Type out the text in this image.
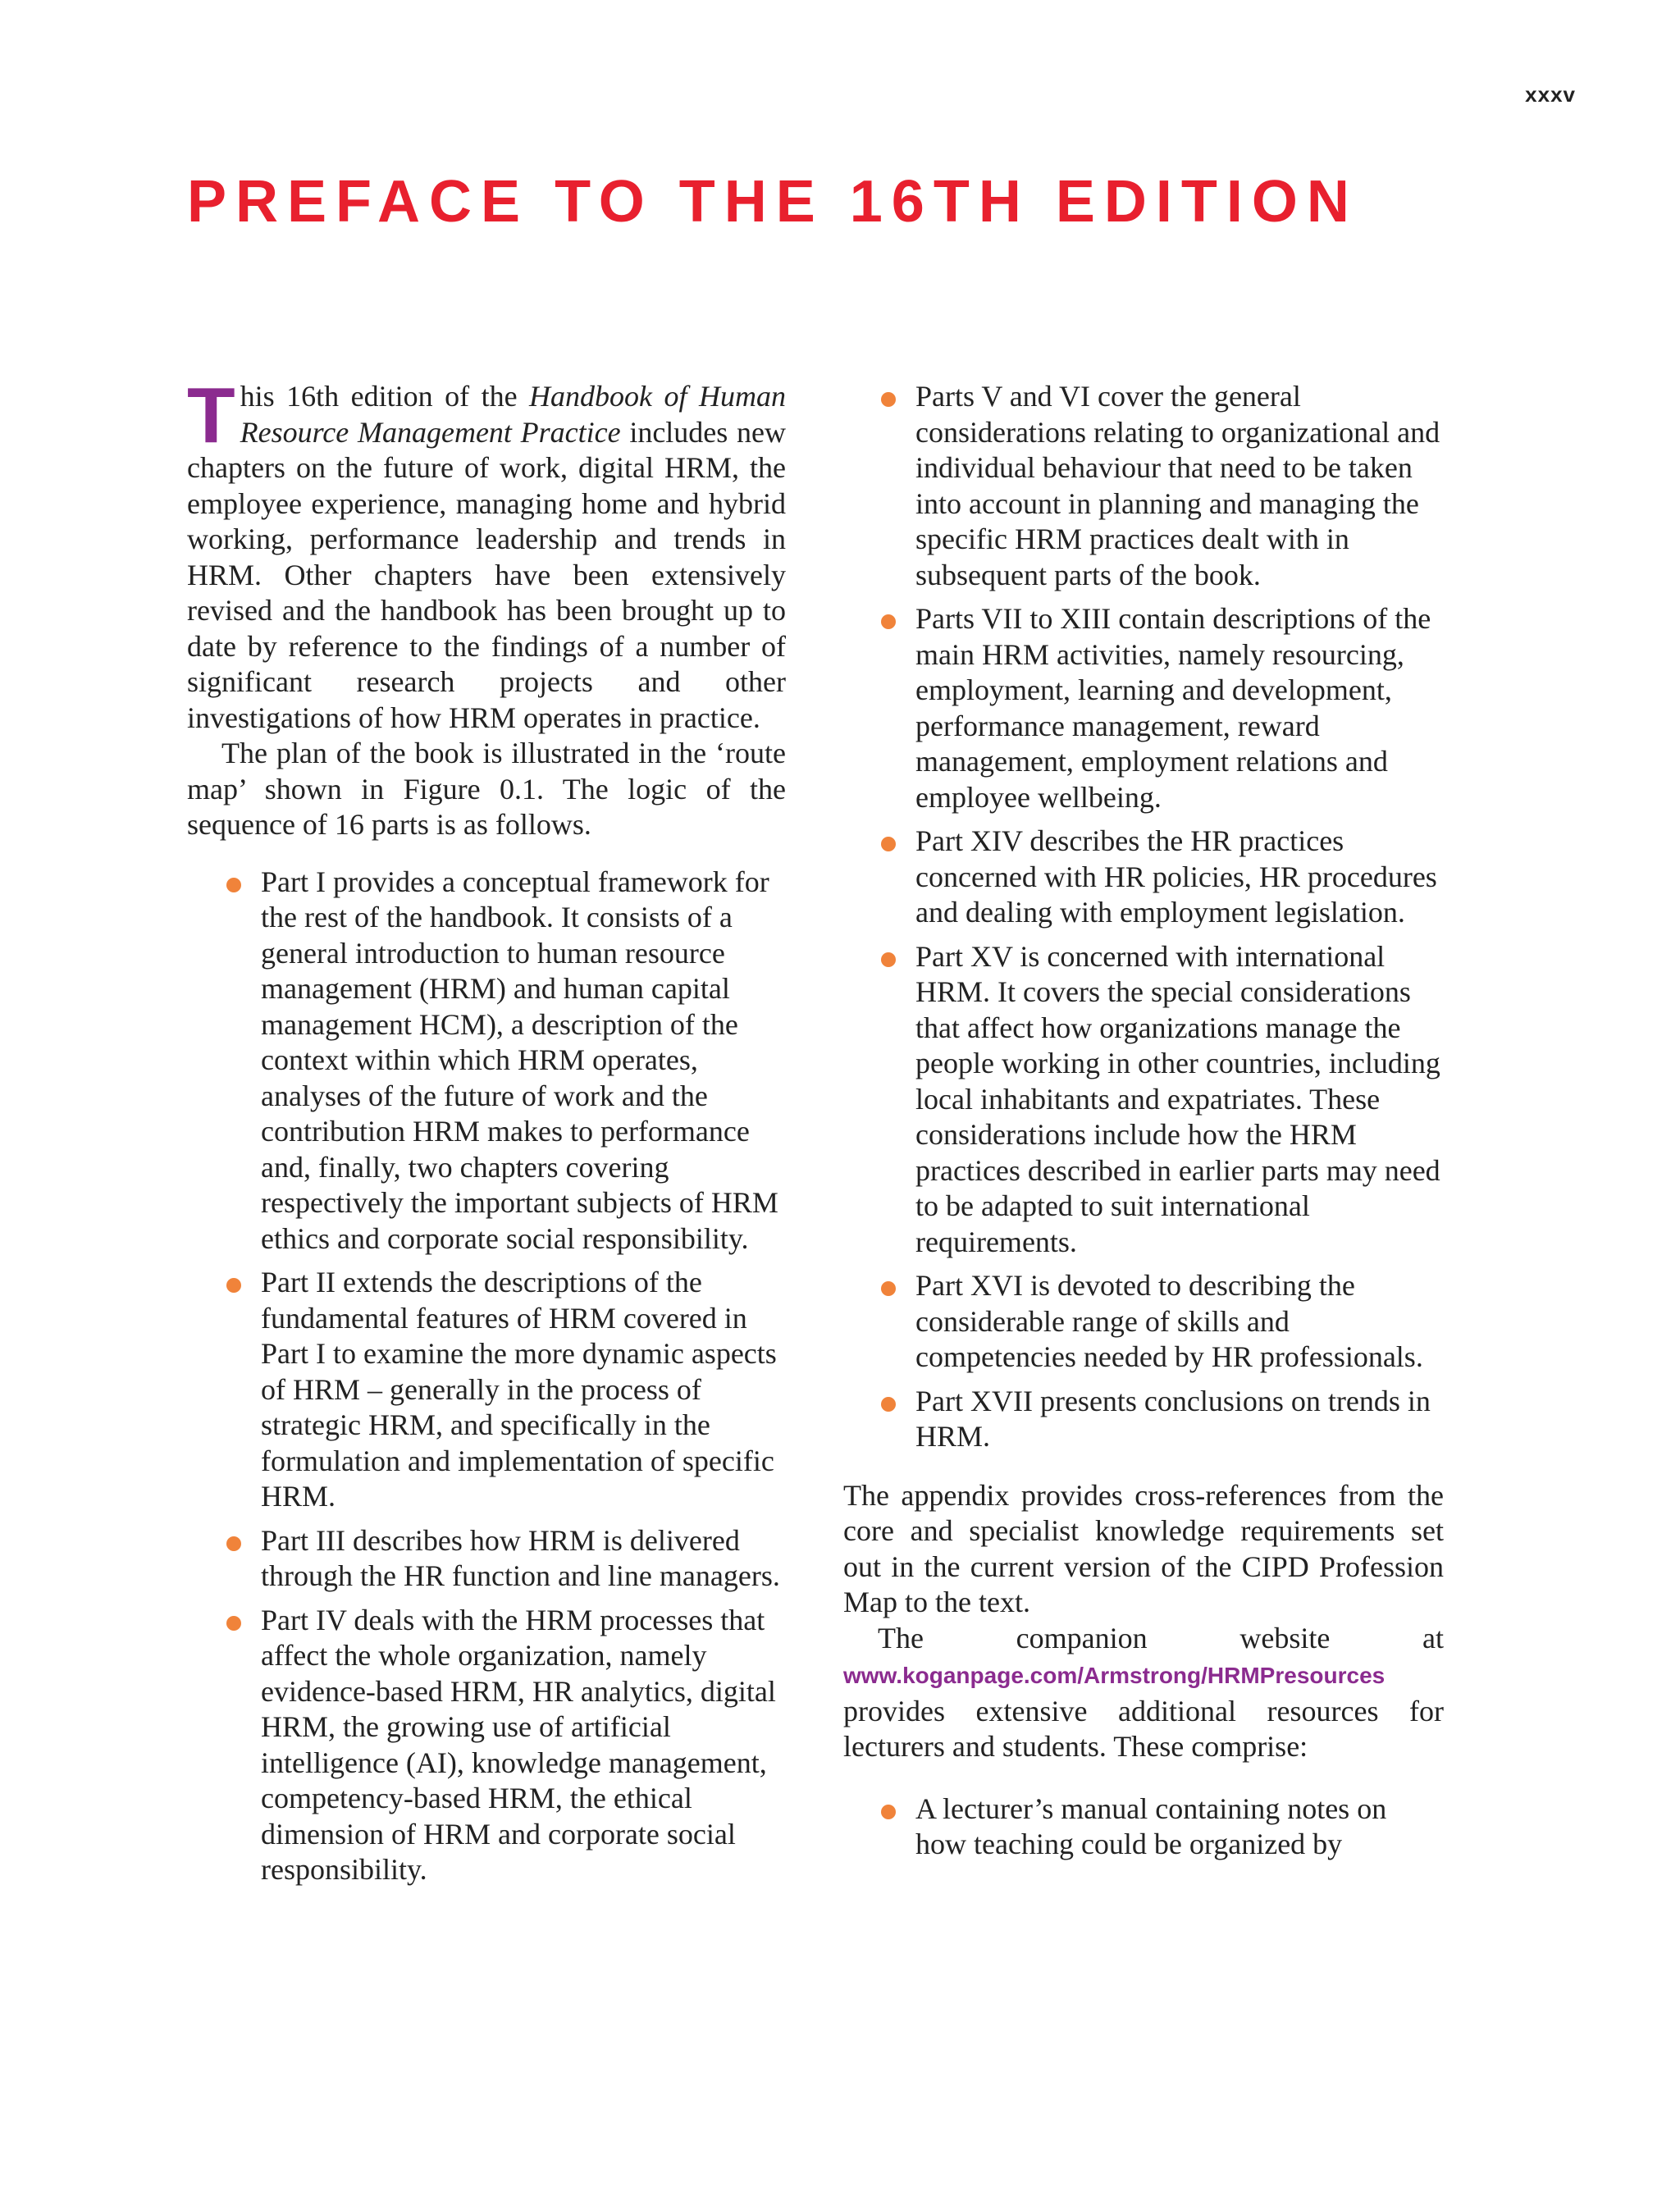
xxxv
PREFACE TO THE 16TH EDITION

This 16th edition of the Handbook of Human Resource Management Practice includes new chapters on the future of work, digital HRM, the employee experience, managing home and hybrid working, performance leadership and trends in HRM. Other chapters have been extensively revised and the handbook has been brought up to date by reference to the findings of a number of significant research projects and other investigations of how HRM operates in practice.

The plan of the book is illustrated in the ‘route map’ shown in Figure 0.1. The logic of the sequence of 16 parts is as follows.

Part I provides a conceptual framework for the rest of the handbook. It consists of a general introduction to human resource management (HRM) and human capital management HCM), a description of the context within which HRM operates, analyses of the future of work and the contribution HRM makes to performance and, finally, two chapters covering respectively the important subjects of HRM ethics and corporate social responsibility.
Part II extends the descriptions of the fundamental features of HRM covered in Part I to examine the more dynamic aspects of HRM – generally in the process of strategic HRM, and specifically in the formulation and implementation of specific HRM.
Part III describes how HRM is delivered through the HR function and line managers.
Part IV deals with the HRM processes that affect the whole organization, namely evidence-based HRM, HR analytics, digital HRM, the growing use of artificial intelligence (AI), knowledge management, competency-based HRM, the ethical dimension of HRM and corporate social responsibility.
Parts V and VI cover the general considerations relating to organizational and individual behaviour that need to be taken into account in planning and managing the specific HRM practices dealt with in subsequent parts of the book.
Parts VII to XIII contain descriptions of the main HRM activities, namely resourcing, employment, learning and development, performance management, reward management, employment relations and employee wellbeing.
Part XIV describes the HR practices concerned with HR policies, HR procedures and dealing with employment legislation.
Part XV is concerned with international HRM. It covers the special considerations that affect how organizations manage the people working in other countries, including local inhabitants and expatriates. These considerations include how the HRM practices described in earlier parts may need to be adapted to suit international requirements.
Part XVI is devoted to describing the considerable range of skills and competencies needed by HR professionals.
Part XVII presents conclusions on trends in HRM.

The appendix provides cross-references from the core and specialist knowledge requirements set out in the current version of the CIPD Profession Map to the text.

The companion website at www.koganpage.com/Armstrong/HRMPresources provides extensive additional resources for lecturers and students. These comprise:

A lecturer’s manual containing notes on how teaching could be organized by
